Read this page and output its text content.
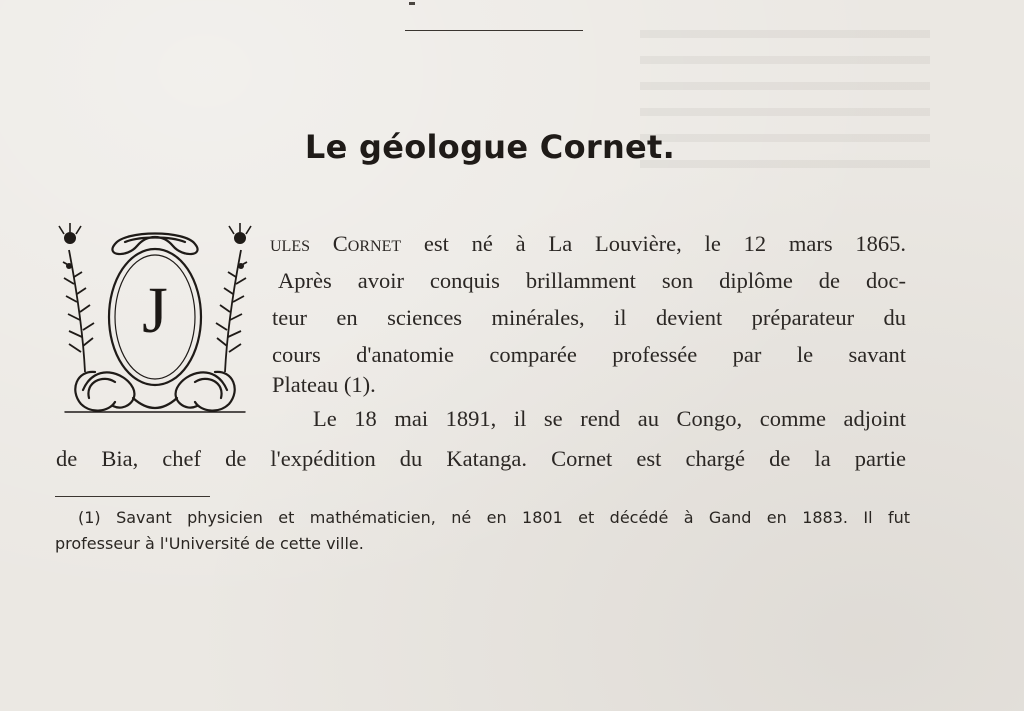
Le géologue Cornet.
J
ules Cornet est né à La Louvière, le 12 mars 1865.
Après avoir conquis brillamment son diplôme de doc-
teur en sciences minérales, il devient préparateur du
cours d'anatomie comparée professée par le savant
Plateau (1).
Le 18 mai 1891, il se rend au Congo, comme adjoint
de Bia, chef de l'expédition du Katanga. Cornet est chargé de la partie
(1) Savant physicien et mathématicien, né en 1801 et décédé à Gand en 1883. Il fut
professeur à l'Université de cette ville.
